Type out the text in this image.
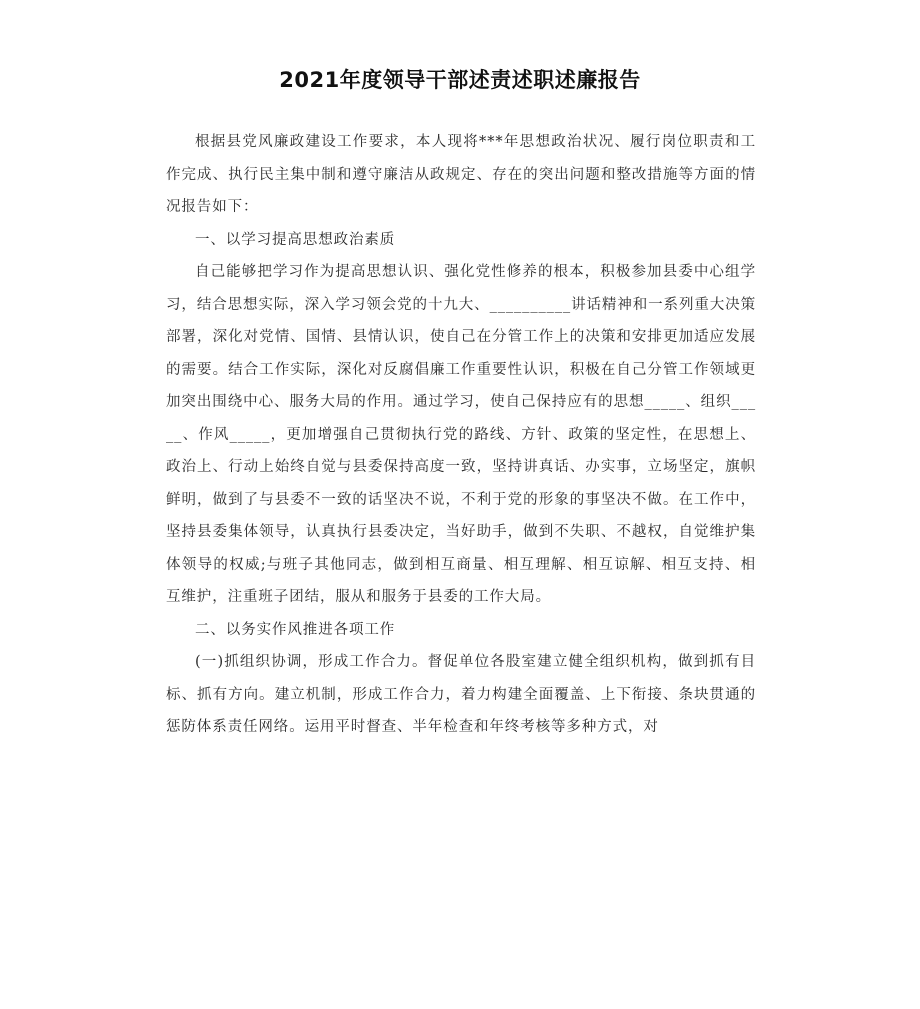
2021年度领导干部述责述职述廉报告

根据县党风廉政建设工作要求，本人现将***年思想政治状况、履行岗位职责和工作完成、执行民主集中制和遵守廉洁从政规定、存在的突出问题和整改措施等方面的情况报告如下：

一、以学习提高思想政治素质

自己能够把学习作为提高思想认识、强化党性修养的根本，积极参加县委中心组学习，结合思想实际，深入学习领会党的十九大、__________讲话精神和一系列重大决策部署，深化对党情、国情、县情认识，使自己在分管工作上的决策和安排更加适应发展的需要。结合工作实际，深化对反腐倡廉工作重要性认识，积极在自己分管工作领域更加突出围绕中心、服务大局的作用。通过学习，使自己保持应有的思想_____、组织_____、作风_____，更加增强自己贯彻执行党的路线、方针、政策的坚定性，在思想上、政治上、行动上始终自觉与县委保持高度一致，坚持讲真话、办实事，立场坚定，旗帜鲜明，做到了与县委不一致的话坚决不说，不利于党的形象的事坚决不做。在工作中，坚持县委集体领导，认真执行县委决定，当好助手，做到不失职、不越权，自觉维护集体领导的权威;与班子其他同志，做到相互商量、相互理解、相互谅解、相互支持、相互维护，注重班子团结，服从和服务于县委的工作大局。

二、以务实作风推进各项工作

(一)抓组织协调，形成工作合力。督促单位各股室建立健全组织机构，做到抓有目标、抓有方向。建立机制，形成工作合力，着力构建全面覆盖、上下衔接、条块贯通的惩防体系责任网络。运用平时督查、半年检查和年终考核等多种方式，对
